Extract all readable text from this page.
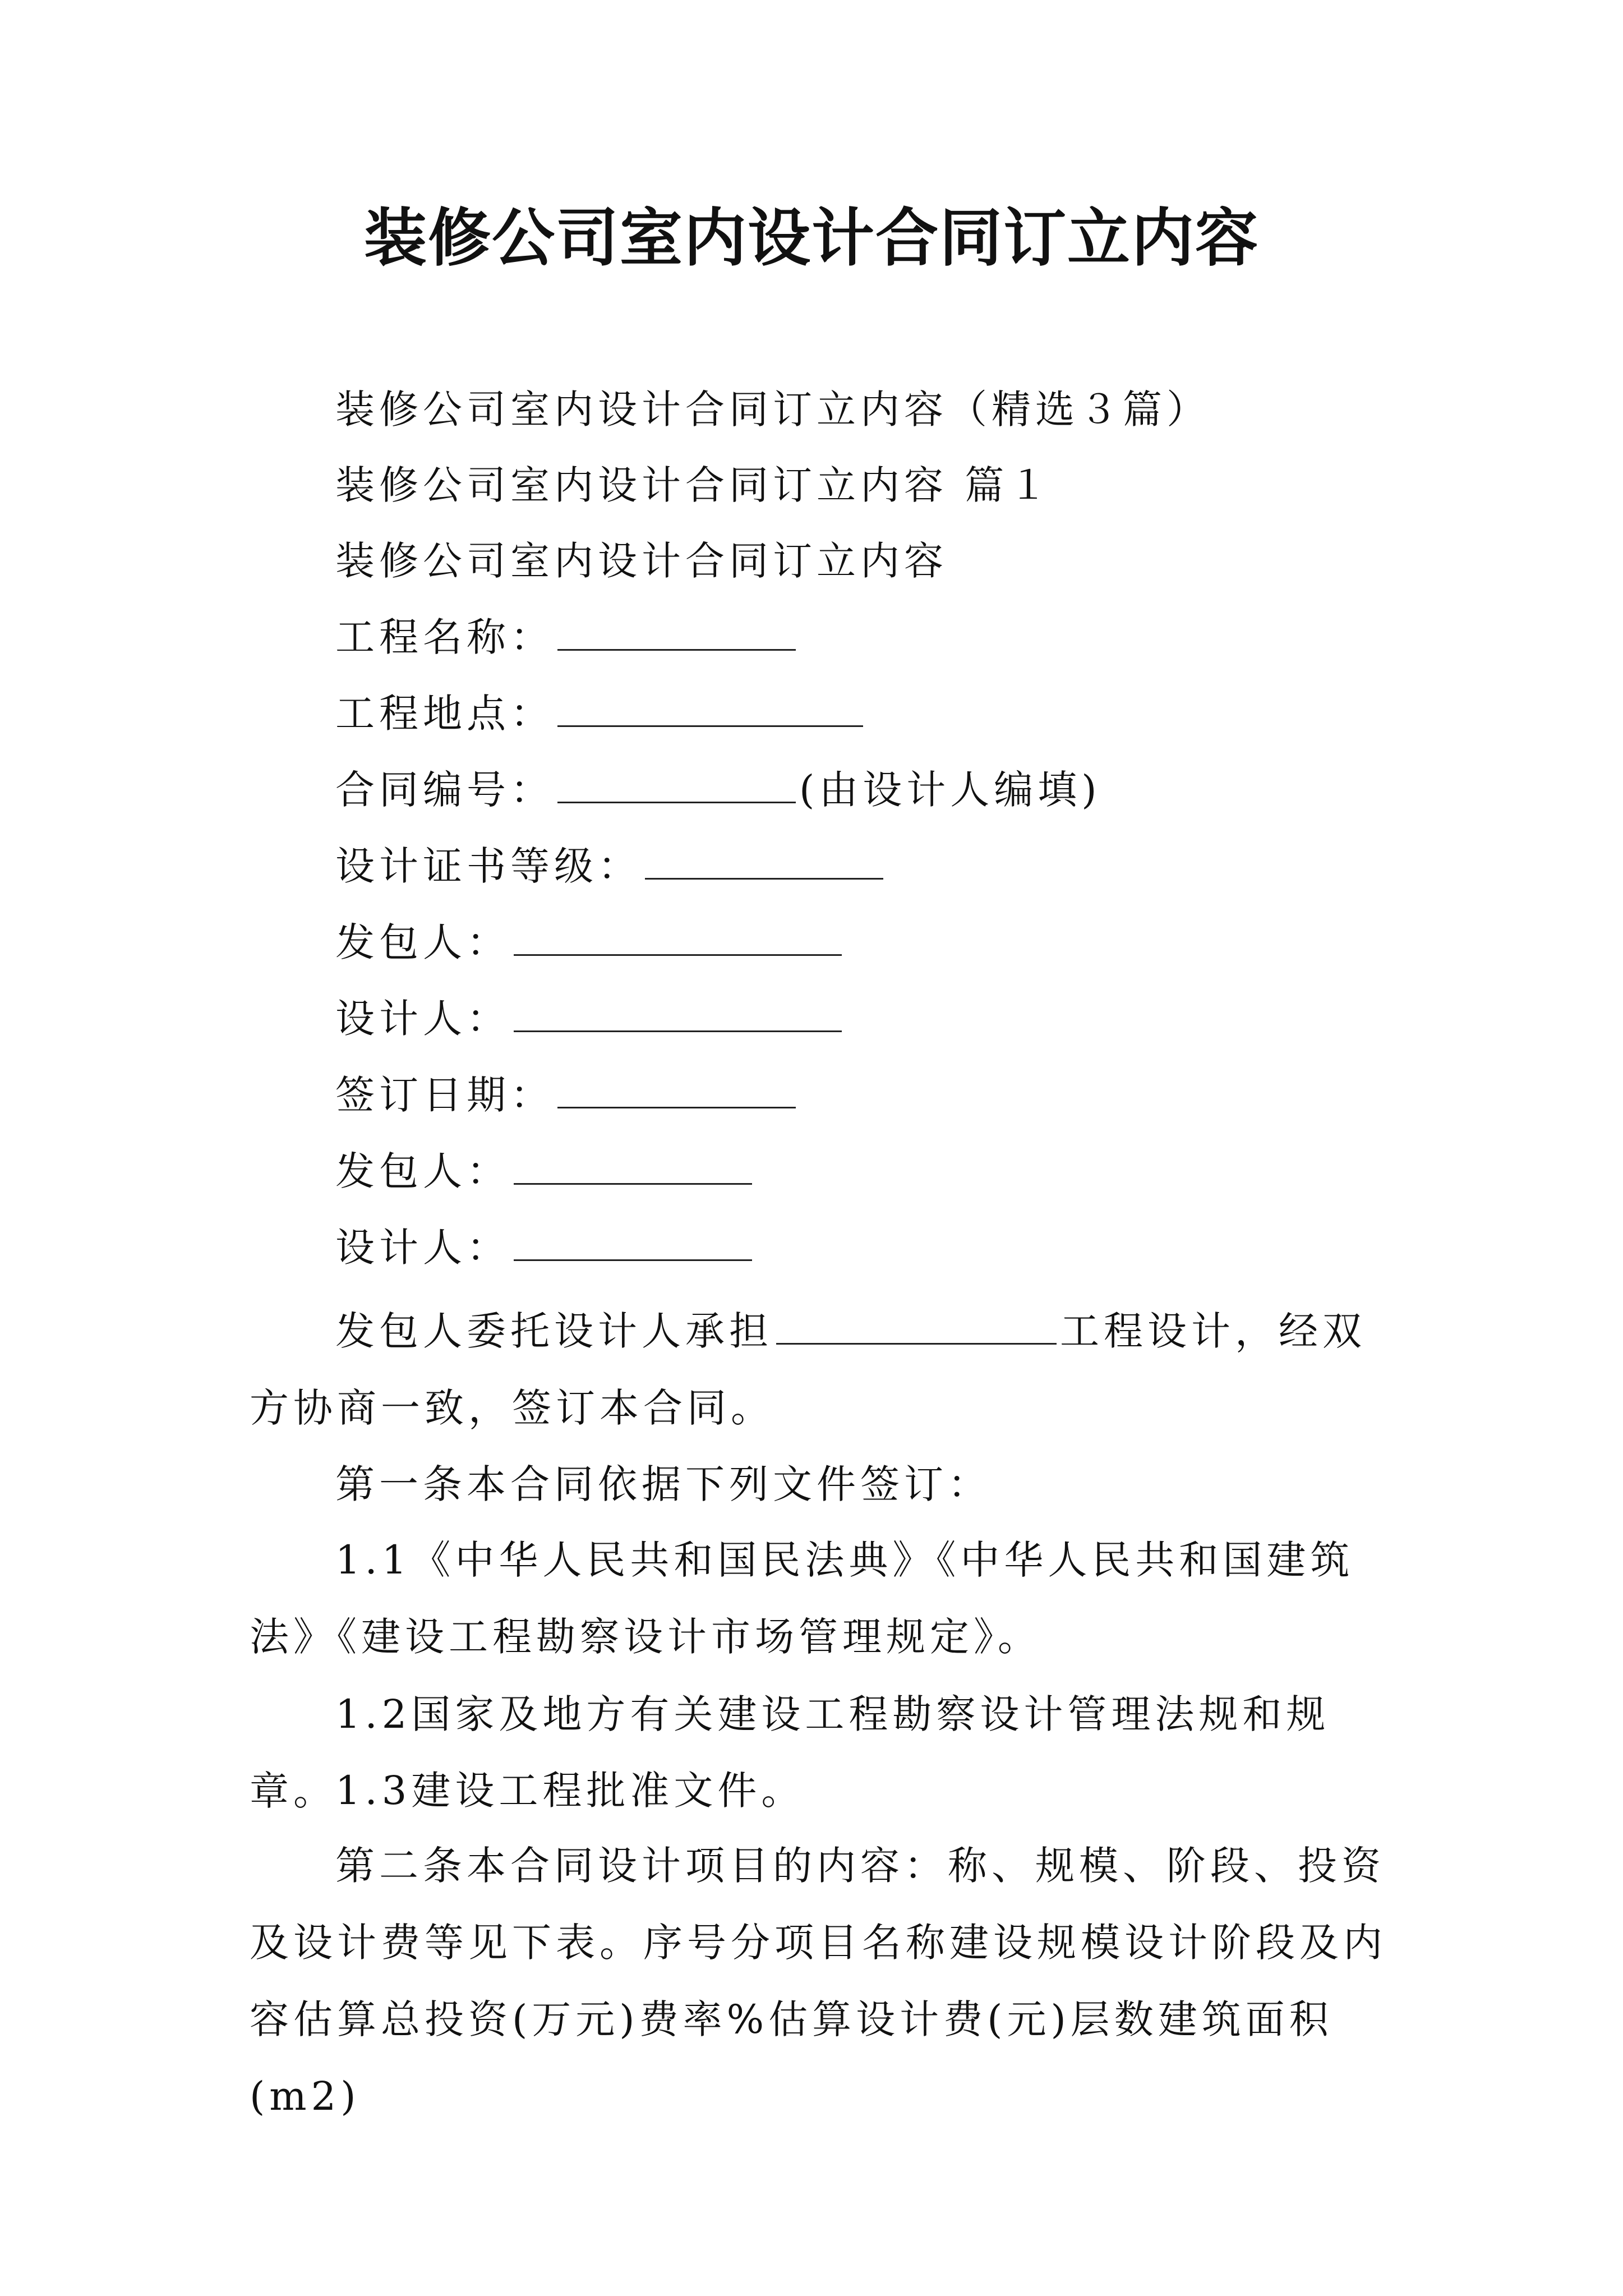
装修公司室内设计合同订立内容
装修公司室内设计合同订立内容（精选３篇）
装修公司室内设计合同订立内容 篇１
装修公司室内设计合同订立内容
工程名称：
工程地点：
合同编号：	(由设计人编填)
设计证书等级：
发包人：
设计人：
签订日期：
发包人：
设计人：

发包人委托设计人承担	工程设计，经双方协商一致，签订本合同。

第一条本合同依据下列文件签订：

1.1《中华人民共和国民法典》《中华人民共和国建筑法》《建设工程勘察设计市场管理规定》。

1.2国家及地方有关建设工程勘察设计管理法规和规章。

1.3建设工程批准文件。

第二条本合同设计项目的内容：称、规模、阶段、投资及设计费等见下表。序号分项目名称建设规模设计阶段及内容估算总投资(万元)费率%估算设计费(元)层数建筑面积(m2)
